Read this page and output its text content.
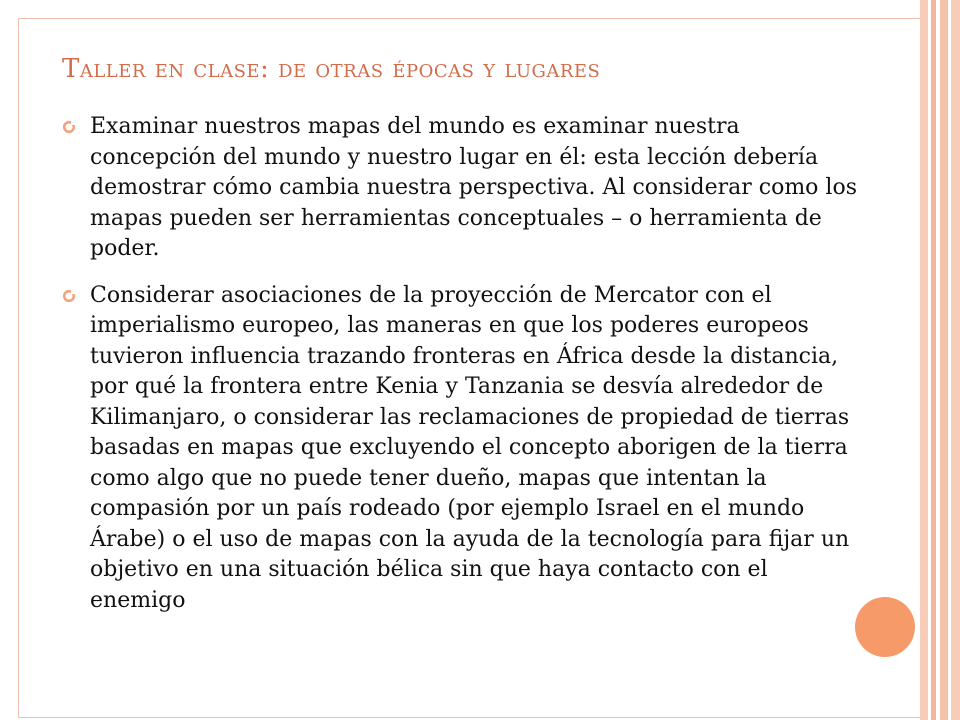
Taller en clase: de otras épocas y lugares
Examinar nuestros mapas del mundo es examinar nuestra concepción del mundo y nuestro lugar en él: esta lección debería demostrar cómo cambia nuestra perspectiva. Al considerar como los mapas pueden ser herramientas conceptuales – o herramienta de poder.
Considerar asociaciones de la proyección de Mercator con el imperialismo europeo, las maneras en que los poderes europeos tuvieron influencia trazando fronteras en África desde la distancia, por qué la frontera entre Kenia y Tanzania se desvía alrededor de Kilimanjaro, o considerar las reclamaciones de propiedad de tierras basadas en mapas que excluyendo el concepto aborigen de la tierra como algo que no puede tener dueño, mapas que intentan la compasión por un país rodeado (por ejemplo Israel en el mundo Árabe) o el uso de mapas con la ayuda de la tecnología para fijar un objetivo en una situación bélica sin que haya contacto con el enemigo
